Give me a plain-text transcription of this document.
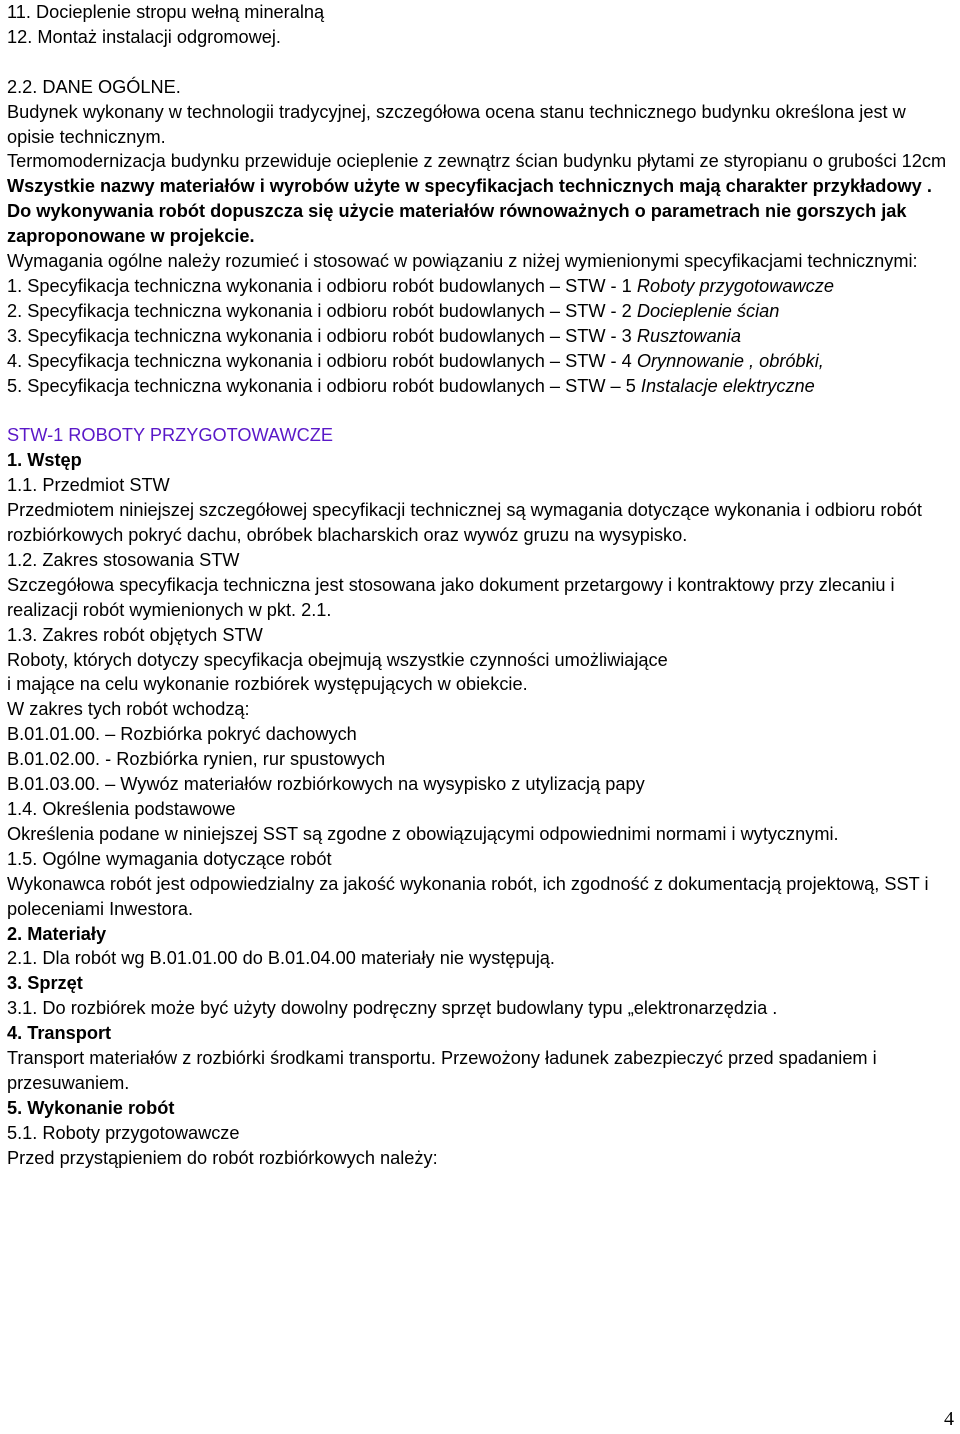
11. Docieplenie stropu wełną mineralną

12. Montaż instalacji odgromowej.

2.2. DANE OGÓLNE.

Budynek wykonany w technologii tradycyjnej, szczegółowa ocena stanu technicznego budynku określona jest w opisie technicznym.

Termomodernizacja budynku przewiduje ocieplenie z zewnątrz ścian budynku płytami ze styropianu o grubości 12cm

Wszystkie nazwy materiałów i wyrobów użyte w specyfikacjach technicznych mają charakter przykładowy . Do wykonywania robót dopuszcza się użycie materiałów równoważnych o parametrach nie gorszych jak zaproponowane w projekcie.

Wymagania ogólne należy rozumieć i stosować w powiązaniu z niżej wymienionymi specyfikacjami technicznymi:

1. Specyfikacja techniczna wykonania i odbioru robót budowlanych – STW - 1 Roboty przygotowawcze

2. Specyfikacja techniczna wykonania i odbioru robót budowlanych – STW - 2 Docieplenie ścian

3. Specyfikacja techniczna wykonania i odbioru robót budowlanych – STW - 3 Rusztowania

4. Specyfikacja techniczna wykonania i odbioru robót budowlanych – STW - 4 Orynnowanie , obróbki,

5. Specyfikacja techniczna wykonania i odbioru robót budowlanych – STW – 5 Instalacje elektryczne

STW-1 ROBOTY PRZYGOTOWAWCZE

1. Wstęp

1.1. Przedmiot STW

Przedmiotem niniejszej szczegółowej specyfikacji technicznej są wymagania dotyczące wykonania i odbioru robót rozbiórkowych pokryć dachu, obróbek blacharskich oraz wywóz gruzu na wysypisko.

1.2. Zakres stosowania STW

Szczegółowa specyfikacja techniczna jest stosowana jako dokument przetargowy i kontraktowy przy zlecaniu i realizacji robót wymienionych w pkt. 2.1.

1.3. Zakres robót objętych STW

Roboty, których dotyczy specyfikacja obejmują wszystkie czynności umożliwiające

i mające na celu wykonanie rozbiórek występujących w obiekcie.

W zakres tych robót wchodzą:

B.01.01.00. – Rozbiórka pokryć dachowych

B.01.02.00. - Rozbiórka rynien, rur spustowych

B.01.03.00. – Wywóz materiałów rozbiórkowych na wysypisko z utylizacją papy

1.4. Określenia podstawowe

Określenia podane w niniejszej SST są zgodne z obowiązującymi odpowiednimi normami i wytycznymi.

1.5. Ogólne wymagania dotyczące robót

Wykonawca robót jest odpowiedzialny za jakość wykonania robót, ich zgodność z dokumentacją projektową, SST i poleceniami Inwestora.

2. Materiały

2.1. Dla robót wg B.01.01.00 do B.01.04.00 materiały nie występują.

3. Sprzęt

3.1. Do rozbiórek może być użyty dowolny podręczny sprzęt budowlany typu „elektronarzędzia .

4. Transport

Transport materiałów z rozbiórki środkami transportu. Przewożony ładunek zabezpieczyć przed spadaniem i przesuwaniem.

5. Wykonanie robót

5.1. Roboty przygotowawcze

Przed przystąpieniem do robót rozbiórkowych należy:

4
